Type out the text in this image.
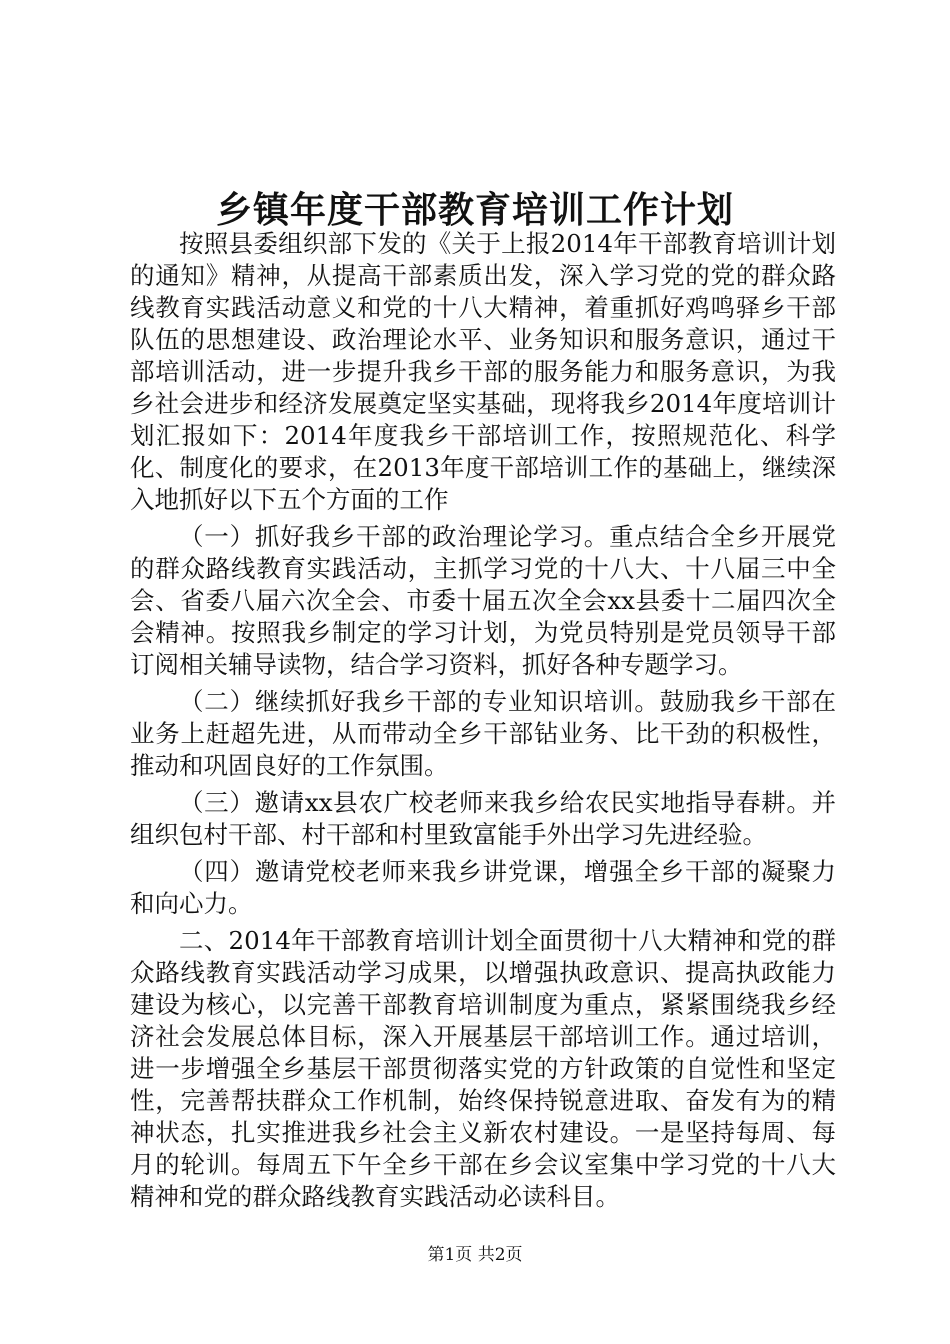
乡镇年度干部教育培训工作计划

按照县委组织部下发的《关于上报2014年干部教育培训计划的通知》精神，从提高干部素质出发，深入学习党的党的群众路线教育实践活动意义和党的十八大精神，着重抓好鸡鸣驿乡干部队伍的思想建设、政治理论水平、业务知识和服务意识，通过干部培训活动，进一步提升我乡干部的服务能力和服务意识，为我乡社会进步和经济发展奠定坚实基础，现将我乡2014年度培训计划汇报如下：2014年度我乡干部培训工作，按照规范化、科学化、制度化的要求，在2013年度干部培训工作的基础上，继续深入地抓好以下五个方面的工作

（一）抓好我乡干部的政治理论学习。重点结合全乡开展党的群众路线教育实践活动，主抓学习党的十八大、十八届三中全会、省委八届六次全会、市委十届五次全会xx县委十二届四次全会精神。按照我乡制定的学习计划，为党员特别是党员领导干部订阅相关辅导读物，结合学习资料，抓好各种专题学习。

（二）继续抓好我乡干部的专业知识培训。鼓励我乡干部在业务上赶超先进，从而带动全乡干部钻业务、比干劲的积极性，推动和巩固良好的工作氛围。

（三）邀请xx县农广校老师来我乡给农民实地指导春耕。并组织包村干部、村干部和村里致富能手外出学习先进经验。

（四）邀请党校老师来我乡讲党课，增强全乡干部的凝聚力和向心力。

二、2014年干部教育培训计划全面贯彻十八大精神和党的群众路线教育实践活动学习成果，以增强执政意识、提高执政能力建设为核心，以完善干部教育培训制度为重点，紧紧围绕我乡经济社会发展总体目标，深入开展基层干部培训工作。通过培训，进一步增强全乡基层干部贯彻落实党的方针政策的自觉性和坚定性，完善帮扶群众工作机制，始终保持锐意进取、奋发有为的精神状态，扎实推进我乡社会主义新农村建设。一是坚持每周、每月的轮训。每周五下午全乡干部在乡会议室集中学习党的十八大精神和党的群众路线教育实践活动必读科目。

第1页 共2页
